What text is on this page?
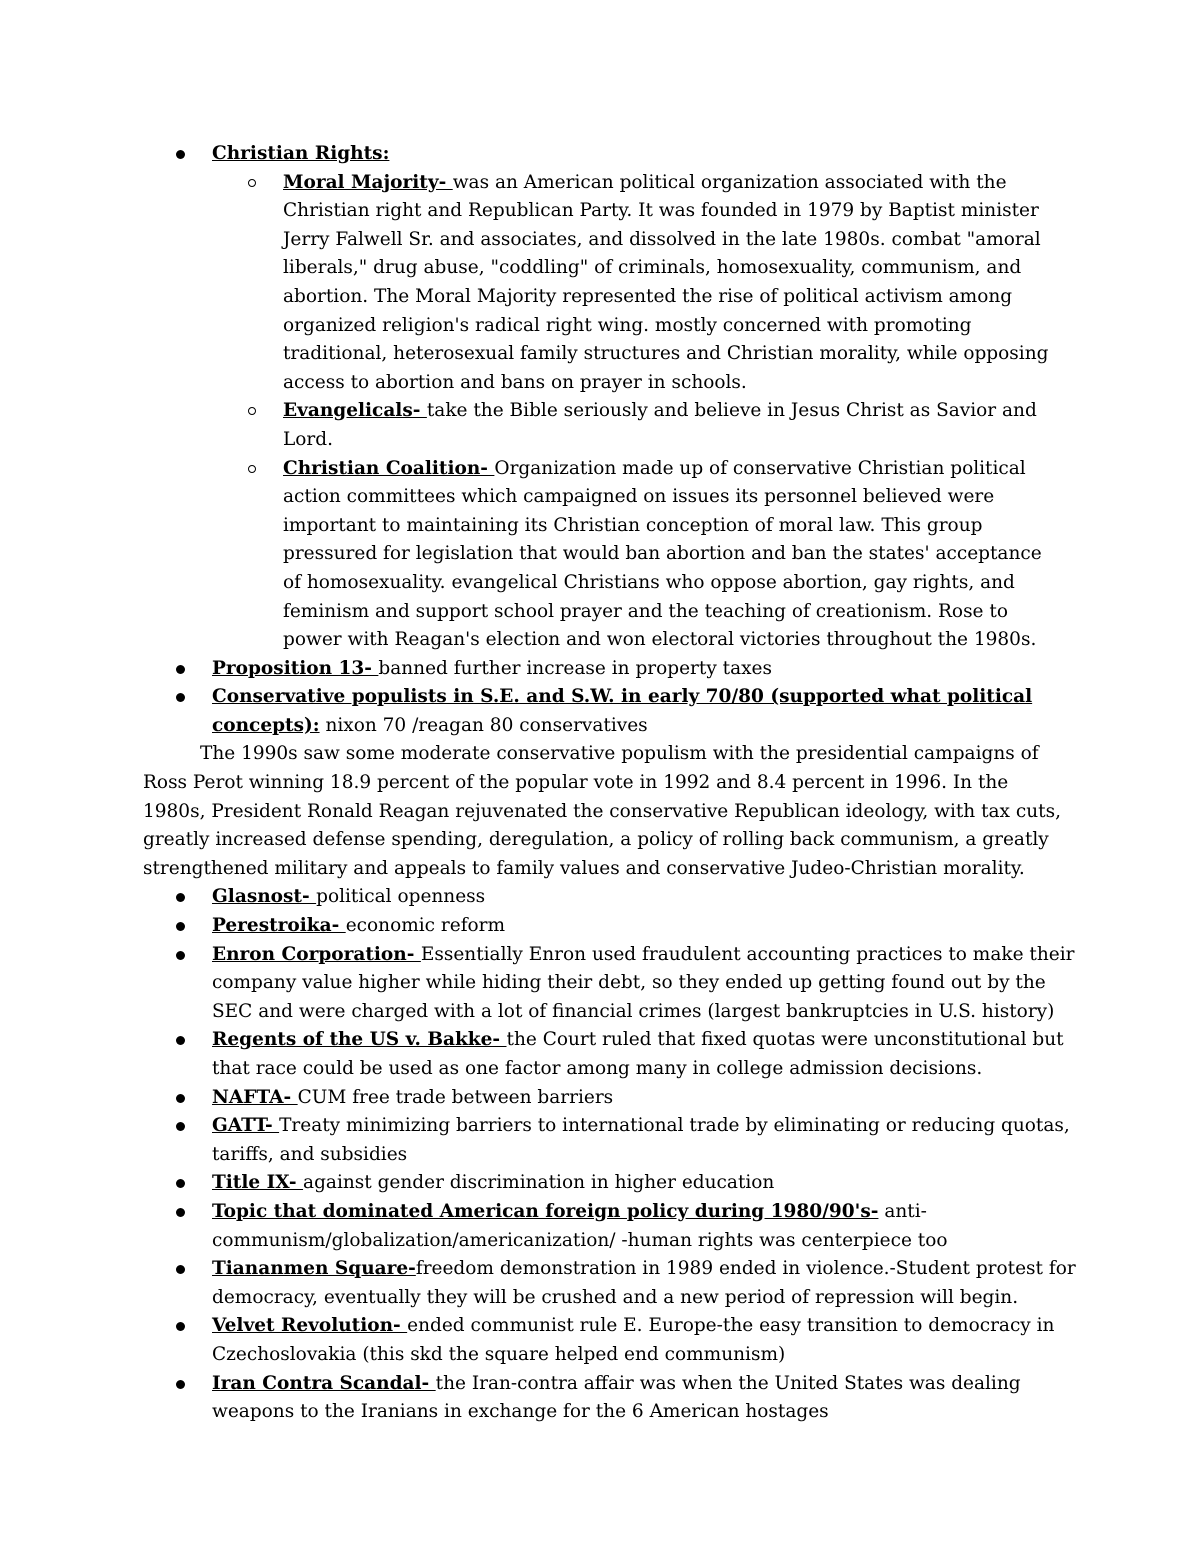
Christian Rights:
Moral Majority- was an American political organization associated with the Christian right and Republican Party. It was founded in 1979 by Baptist minister Jerry Falwell Sr. and associates, and dissolved in the late 1980s. combat "amoral liberals," drug abuse, "coddling" of criminals, homosexuality, communism, and abortion. The Moral Majority represented the rise of political activism among organized religion's radical right wing. mostly concerned with promoting traditional, heterosexual family structures and Christian morality, while opposing access to abortion and bans on prayer in schools.
Evangelicals- take the Bible seriously and believe in Jesus Christ as Savior and Lord.
Christian Coalition- Organization made up of conservative Christian political action committees which campaigned on issues its personnel believed were important to maintaining its Christian conception of moral law. This group pressured for legislation that would ban abortion and ban the states' acceptance of homosexuality. evangelical Christians who oppose abortion, gay rights, and feminism and support school prayer and the teaching of creationism. Rose to power with Reagan's election and won electoral victories throughout the 1980s.
Proposition 13- banned further increase in property taxes
Conservative populists in S.E. and S.W. in early 70/80 (supported what political concepts): nixon 70 /reagan 80 conservatives
The 1990s saw some moderate conservative populism with the presidential campaigns of Ross Perot winning 18.9 percent of the popular vote in 1992 and 8.4 percent in 1996. In the 1980s, President Ronald Reagan rejuvenated the conservative Republican ideology, with tax cuts, greatly increased defense spending, deregulation, a policy of rolling back communism, a greatly strengthened military and appeals to family values and conservative Judeo-Christian morality.
Glasnost- political openness
Perestroika- economic reform
Enron Corporation- Essentially Enron used fraudulent accounting practices to make their company value higher while hiding their debt, so they ended up getting found out by the SEC and were charged with a lot of financial crimes (largest bankruptcies in U.S. history)
Regents of the US v. Bakke- the Court ruled that fixed quotas were unconstitutional but that race could be used as one factor among many in college admission decisions.
NAFTA- CUM free trade between barriers
GATT- Treaty minimizing barriers to international trade by eliminating or reducing quotas, tariffs, and subsidies
Title IX- against gender discrimination in higher education
Topic that dominated American foreign policy during 1980/90's- anti-communism/globalization/americanization/ -human rights was centerpiece too
Tiananmen Square-freedom demonstration in 1989 ended in violence.-Student protest for democracy, eventually they will be crushed and a new period of repression will begin.
Velvet Revolution- ended communist rule E. Europe-the easy transition to democracy in Czechoslovakia (this skd the square helped end communism)
Iran Contra Scandal- the Iran-contra affair was when the United States was dealing weapons to the Iranians in exchange for the 6 American hostages
